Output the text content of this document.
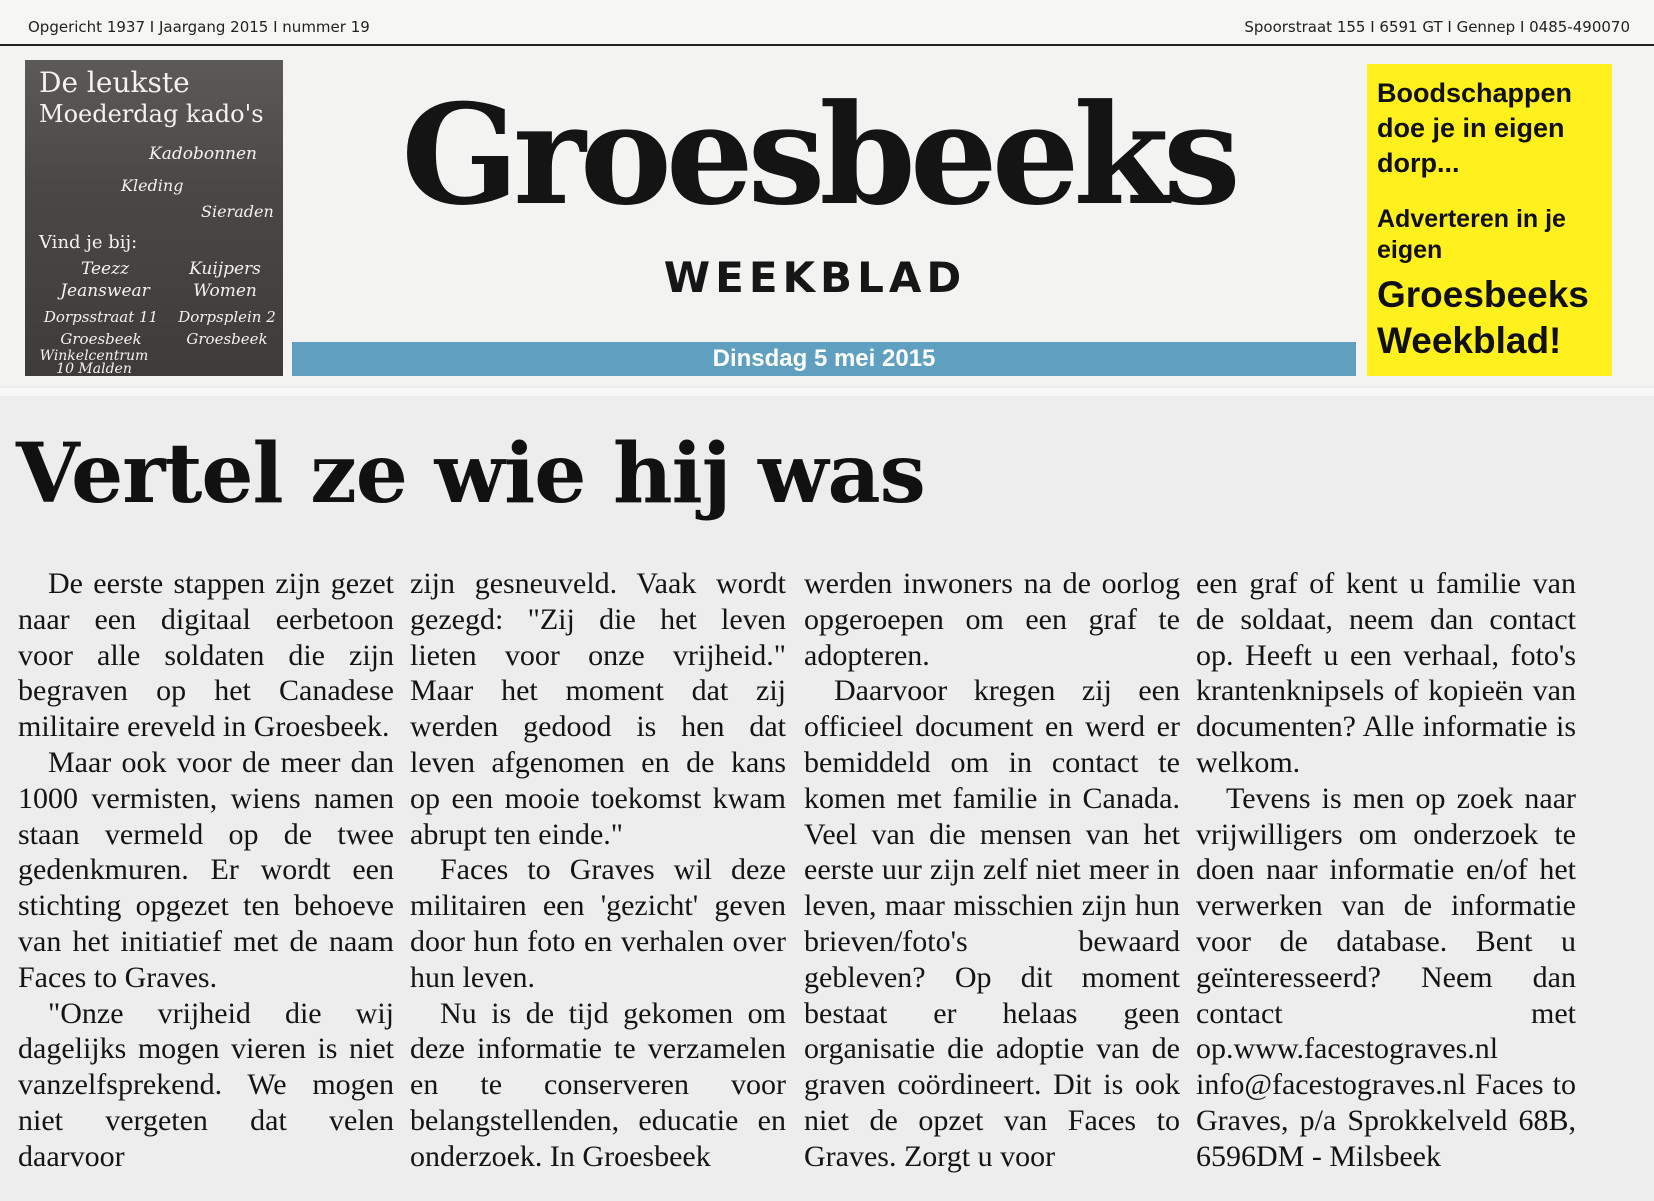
Opgericht 1937 I Jaargang 2015 I nummer 19	Spoorstraat 155 I 6591 GT I Gennep I 0485-490070
De leukste
Moederdag kado's
Kadobonnen
Kleding
Sieraden
Vind je bij:
Teezz Jeanswear
Kuijpers Women
Dorpsstraat 11 Groesbeek
Dorpsplein 2 Groesbeek
Winkelcentrum 10 Malden
Groesbeeks
WEEKBLAD
Dinsdag 5 mei 2015
Boodschappen doe je in eigen dorp...
Adverteren in je eigen
Groesbeeks Weekblad!
Vertel ze wie hij was

De eerste stappen zijn gezet naar een digitaal eerbetoon voor alle soldaten die zijn begraven op het Canadese militaire ereveld in Groesbeek.

Maar ook voor de meer dan 1000 vermisten, wiens namen staan vermeld op de twee gedenkmuren. Er wordt een stichting opgezet ten behoeve van het initiatief met de naam Faces to Graves.

"Onze vrijheid die wij dagelijks mogen vieren is niet vanzelfsprekend. We mogen niet vergeten dat velen daarvoor

zijn gesneuveld. Vaak wordt gezegd: "Zij die het leven lieten voor onze vrijheid." Maar het moment dat zij werden gedood is hen dat leven afgenomen en de kans op een mooie toekomst kwam abrupt ten einde."

Faces to Graves wil deze militairen een 'gezicht' geven door hun foto en verhalen over hun leven.

Nu is de tijd gekomen om deze informatie te verzamelen en te conserveren voor belangstellenden, educatie en onderzoek. In Groesbeek

werden inwoners na de oorlog opgeroepen om een graf te adopteren.

Daarvoor kregen zij een officieel document en werd er bemiddeld om in contact te komen met familie in Canada. Veel van die mensen van het eerste uur zijn zelf niet meer in leven, maar misschien zijn hun brieven/foto's bewaard gebleven? Op dit moment bestaat er helaas geen organisatie die adoptie van de graven coördineert. Dit is ook niet de opzet van Faces to Graves. Zorgt u voor

een graf of kent u familie van de soldaat, neem dan contact op. Heeft u een verhaal, foto's krantenknipsels of kopieën van documenten? Alle informatie is welkom.

Tevens is men op zoek naar vrijwilligers om onderzoek te doen naar informatie en/of het verwerken van de informatie voor de database. Bent u geïnteresseerd? Neem dan contact met op.www.facestograves.nl info@facestograves.nl Faces to Graves, p/a Sprokkelveld 68B, 6596DM - Milsbeek
